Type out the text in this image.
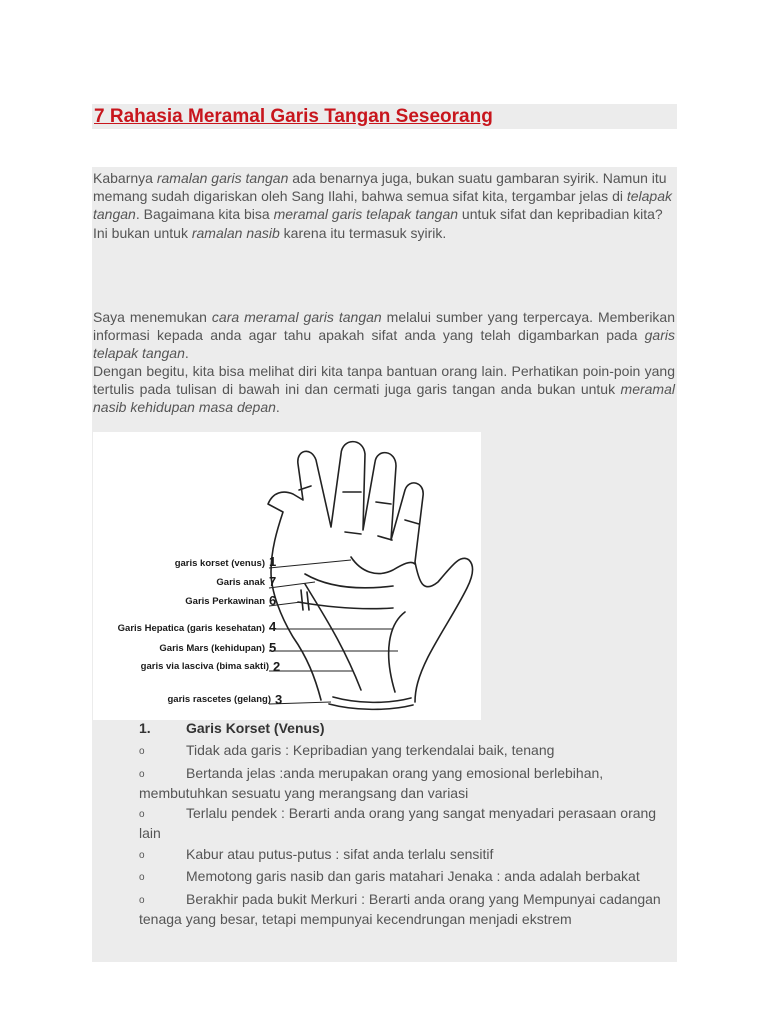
7 Rahasia Meramal Garis Tangan Seseorang

Kabarnya ramalan garis tangan ada benarnya juga, bukan suatu gambaran syirik. Namun itu memang sudah digariskan oleh Sang Ilahi, bahwa semua sifat kita, tergambar jelas di telapak tangan. Bagaimana kita bisa meramal garis telapak tangan untuk sifat dan kepribadian kita? Ini bukan untuk ramalan nasib karena itu termasuk syirik.

Saya menemukan cara meramal garis tangan melalui sumber yang terpercaya. Memberikan informasi kepada anda agar tahu apakah sifat anda yang telah digambarkan pada garis telapak tangan.

Dengan begitu, kita bisa melihat diri kita tanpa bantuan orang lain. Perhatikan poin-poin yang tertulis pada tulisan di bawah ini dan cermati juga garis tangan anda bukan untuk meramal nasib kehidupan masa depan.

garis korset (venus) 1
Garis anak 7
Garis Perkawinan 6
Garis Hepatica (garis kesehatan) 4
Garis Mars (kehidupan) 5
garis via lasciva (bima sakti) 2
garis rascetes (gelang) 3
1.	Garis Korset (Venus)
o	Tidak ada garis : Kepribadian yang terkendalai baik, tenang
o	Bertanda jelas :anda merupakan orang yang emosional berlebihan, membutuhkan sesuatu yang merangsang dan variasi
o	Terlalu pendek : Berarti anda orang yang sangat menyadari perasaan orang lain
o	Kabur atau putus-putus : sifat anda terlalu sensitif
o	Memotong garis nasib dan garis matahari Jenaka : anda adalah berbakat
o	Berakhir pada bukit Merkuri : Berarti anda orang yang Mempunyai cadangan tenaga yang besar, tetapi mempunyai kecendrungan menjadi ekstrem
